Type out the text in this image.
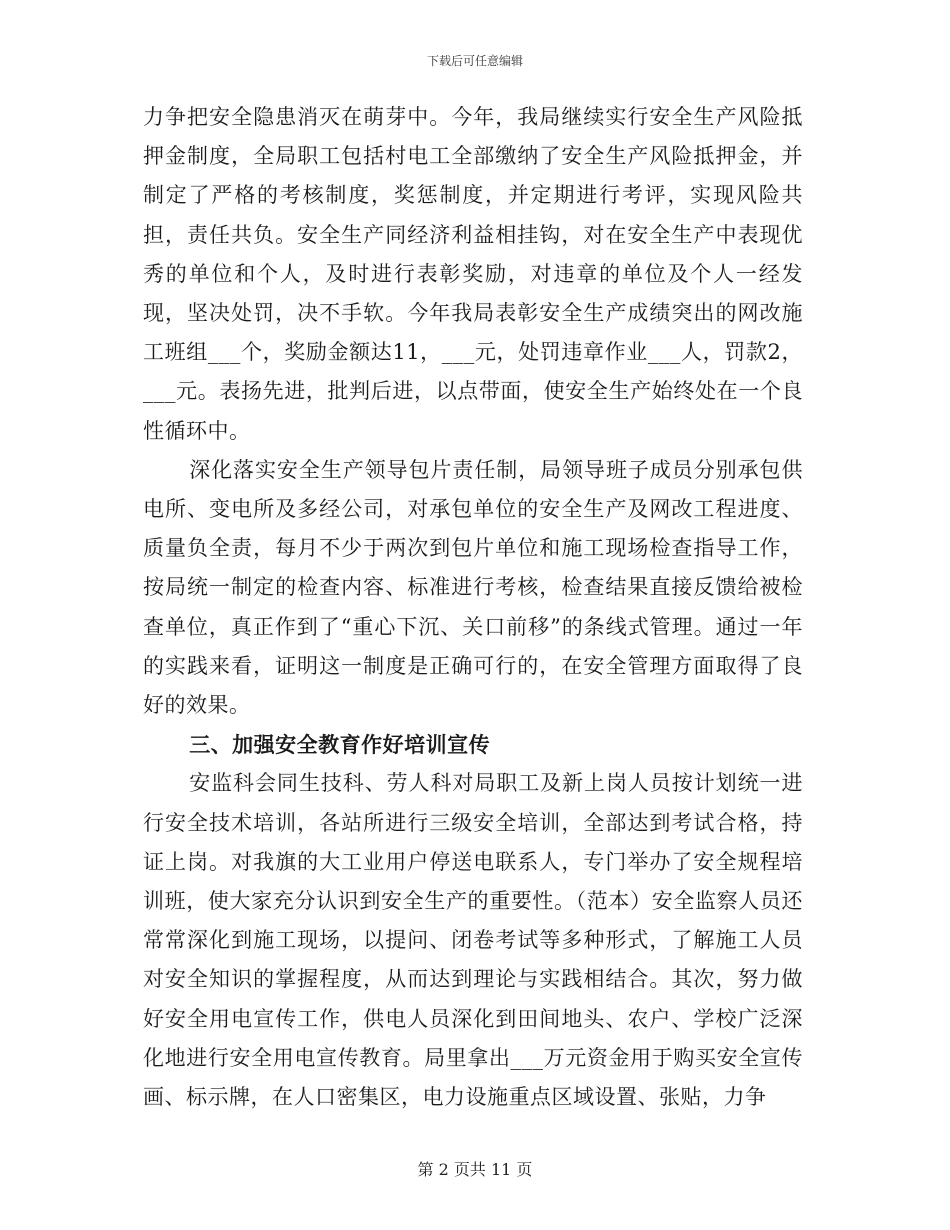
下载后可任意编辑

力争把安全隐患消灭在萌芽中。今年，我局继续实行安全生产风险抵押金制度，全局职工包括村电工全部缴纳了安全生产风险抵押金，并制定了严格的考核制度，奖惩制度，并定期进行考评，实现风险共担，责任共负。安全生产同经济利益相挂钩，对在安全生产中表现优秀的单位和个人，及时进行表彰奖励，对违章的单位及个人一经发现，坚决处罚，决不手软。今年我局表彰安全生产成绩突出的网改施工班组___个，奖励金额达11，___元，处罚违章作业___人，罚款2，___元。表扬先进，批判后进，以点带面，使安全生产始终处在一个良性循环中。

深化落实安全生产领导包片责任制，局领导班子成员分别承包供电所、变电所及多经公司，对承包单位的安全生产及网改工程进度、质量负全责，每月不少于两次到包片单位和施工现场检查指导工作，按局统一制定的检查内容、标准进行考核，检查结果直接反馈给被检查单位，真正作到了“重心下沉、关口前移”的条线式管理。通过一年的实践来看，证明这一制度是正确可行的，在安全管理方面取得了良好的效果。

三、加强安全教育作好培训宣传

安监科会同生技科、劳人科对局职工及新上岗人员按计划统一进行安全技术培训，各站所进行三级安全培训，全部达到考试合格，持证上岗。对我旗的大工业用户停送电联系人，专门举办了安全规程培训班，使大家充分认识到安全生产的重要性。（范本）安全监察人员还常常深化到施工现场，以提问、闭卷考试等多种形式，了解施工人员对安全知识的掌握程度，从而达到理论与实践相结合。其次，努力做好安全用电宣传工作，供电人员深化到田间地头、农户、学校广泛深化地进行安全用电宣传教育。局里拿出___万元资金用于购买安全宣传画、标示牌，在人口密集区，电力设施重点区域设置、张贴，力争

第 2 页共 11 页
